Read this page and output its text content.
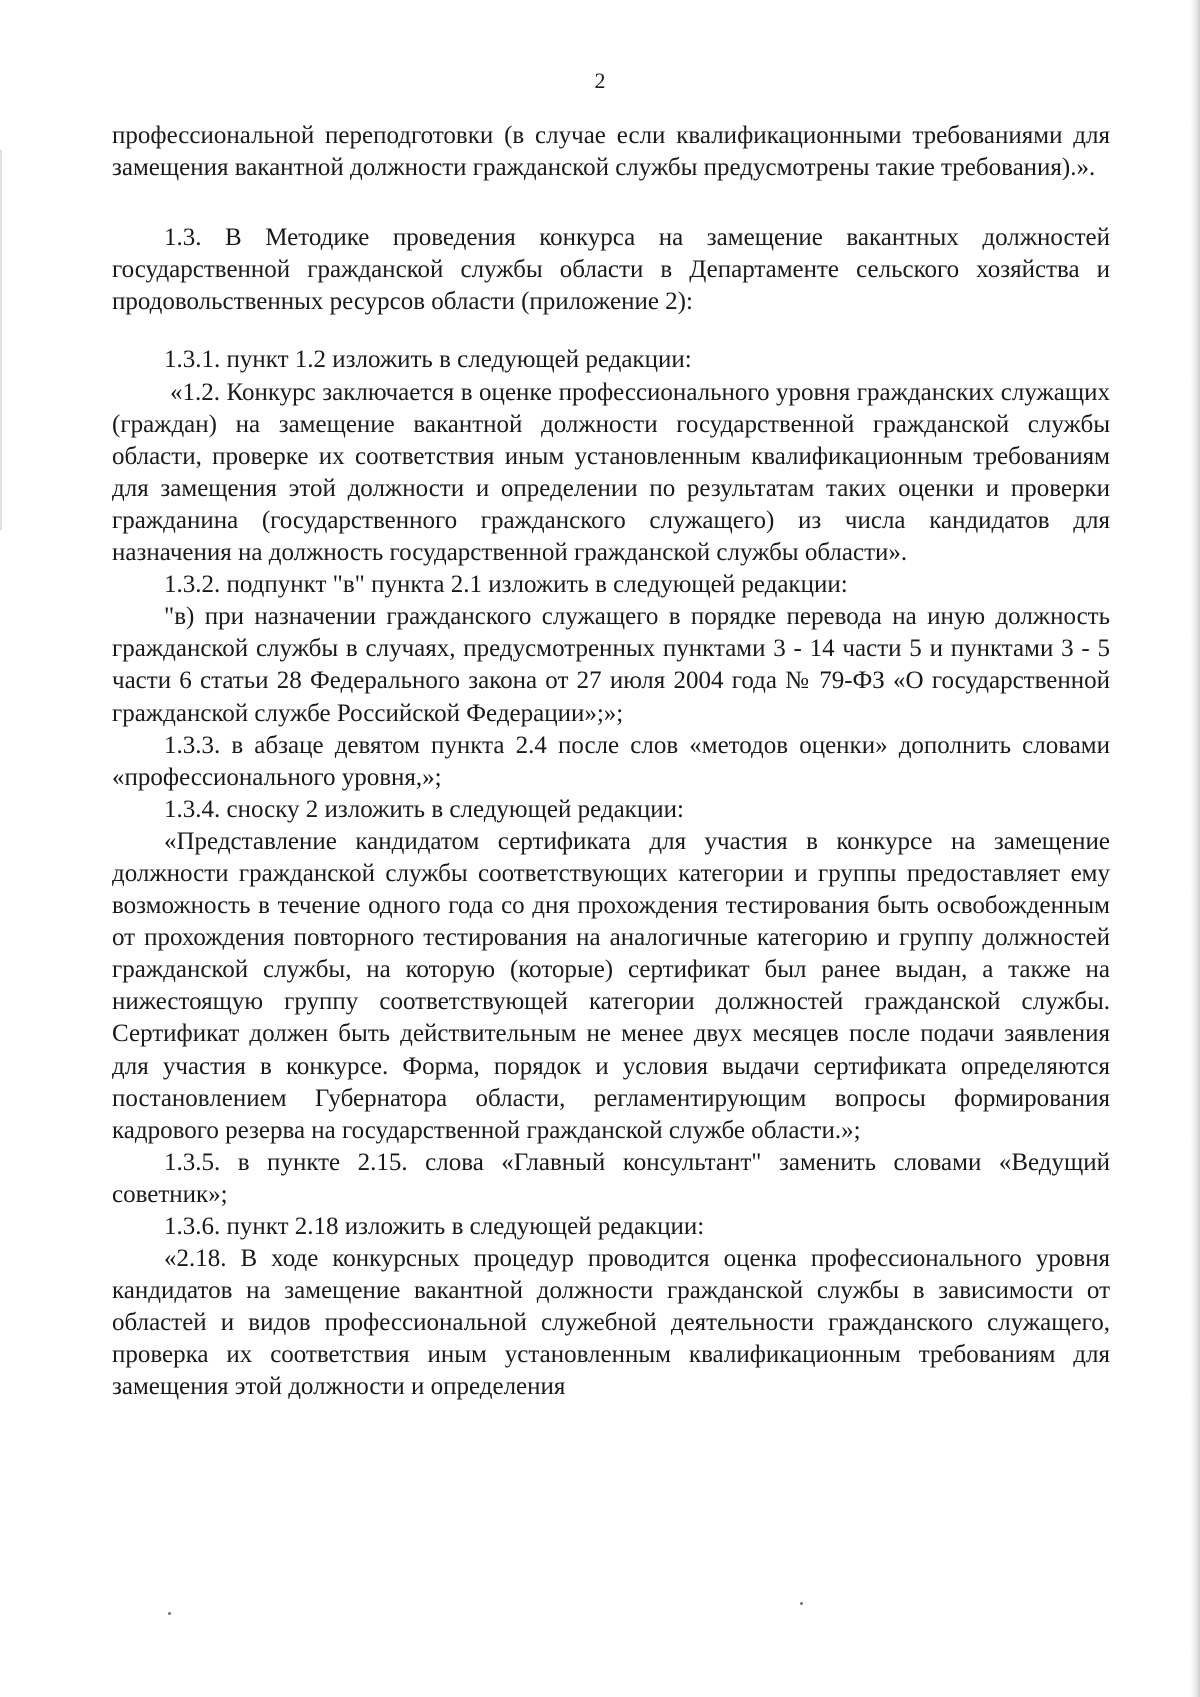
2

профессиональной переподготовки (в случае если квалификационными требованиями для замещения вакантной должности гражданской службы предусмотрены такие требования).».

1.3. В Методике проведения конкурса на замещение вакантных должностей государственной гражданской службы области в Департаменте сельского хозяйства и продовольственных ресурсов области (приложение 2):

1.3.1. пункт 1.2 изложить в следующей редакции:

«1.2. Конкурс заключается в оценке профессионального уровня гражданских служащих (граждан) на замещение вакантной должности государственной гражданской службы области, проверке их соответствия иным установленным квалификационным требованиям для замещения этой должности и определении по результатам таких оценки и проверки гражданина (государственного гражданского служащего) из числа кандидатов для назначения на должность государственной гражданской службы области».

1.3.2. подпункт "в" пункта 2.1 изложить в следующей редакции:

"в) при назначении гражданского служащего в порядке перевода на иную должность гражданской службы в случаях, предусмотренных пунктами 3 - 14 части 5 и пунктами 3 - 5 части 6 статьи 28 Федерального закона от 27 июля 2004 года № 79-ФЗ «О государственной гражданской службе Российской Федерации»;»;

1.3.3. в абзаце девятом пункта 2.4 после слов «методов оценки» дополнить словами «профессионального уровня,»;

1.3.4. сноску 2 изложить в следующей редакции:

«Представление кандидатом сертификата для участия в конкурсе на замещение должности гражданской службы соответствующих категории и группы предоставляет ему возможность в течение одного года со дня прохождения тестирования быть освобожденным от прохождения повторного тестирования на аналогичные категорию и группу должностей гражданской службы, на которую (которые) сертификат был ранее выдан, а также на нижестоящую группу соответствующей категории должностей гражданской службы. Сертификат должен быть действительным не менее двух месяцев после подачи заявления для участия в конкурсе. Форма, порядок и условия выдачи сертификата определяются постановлением Губернатора области, регламентирующим вопросы формирования кадрового резерва на государственной гражданской службе области.»;

1.3.5. в пункте 2.15. слова «Главный консультант" заменить словами «Ведущий советник»;

1.3.6. пункт 2.18 изложить в следующей редакции:

«2.18. В ходе конкурсных процедур проводится оценка профессионального уровня кандидатов на замещение вакантной должности гражданской службы в зависимости от областей и видов профессиональной служебной деятельности гражданского служащего, проверка их соответствия иным установленным квалификационным требованиям для замещения этой должности и определения
